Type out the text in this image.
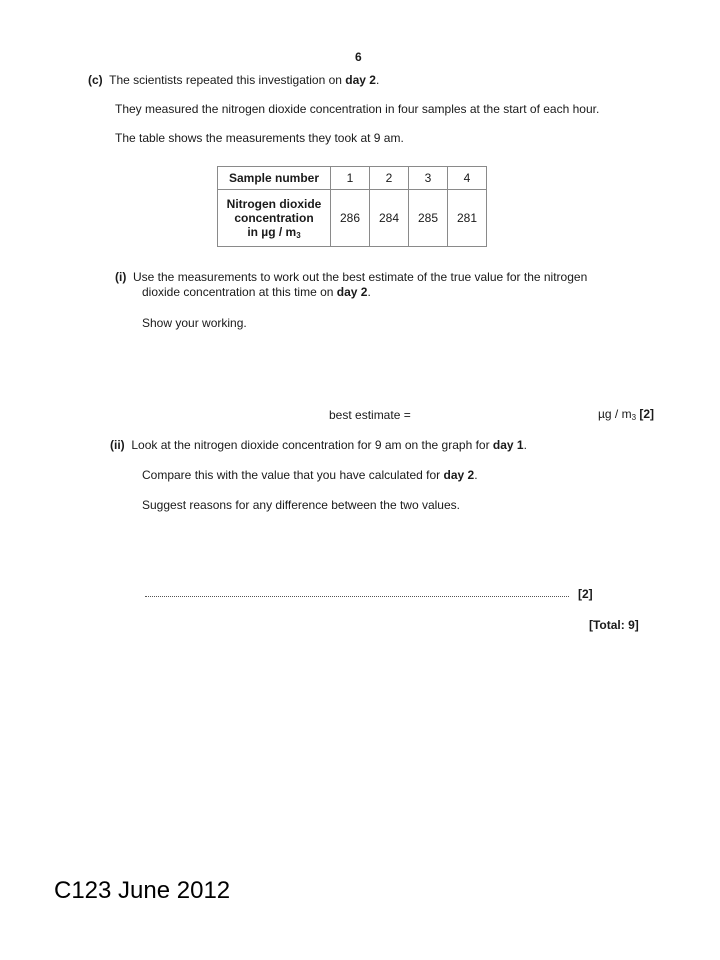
6
(c) The scientists repeated this investigation on day 2.
They measured the nitrogen dioxide concentration in four samples at the start of each hour.
The table shows the measurements they took at 9 am.
Sample number	1	2	3	4
Nitrogen dioxide
concentration
in µg / $m_3$	286	284	285	281
(i) Use the measurements to work out the best estimate of the true value for the nitrogen
dioxide concentration at this time on day 2.
Show your working.
best estimate =	µg / $m_3$ [2]
(ii) Look at the nitrogen dioxide concentration for 9 am on the graph for day 1.
Compare this with the value that you have calculated for day 2.
Suggest reasons for any difference between the two values.
[2]
[Total: 9]
C123 June 2012
